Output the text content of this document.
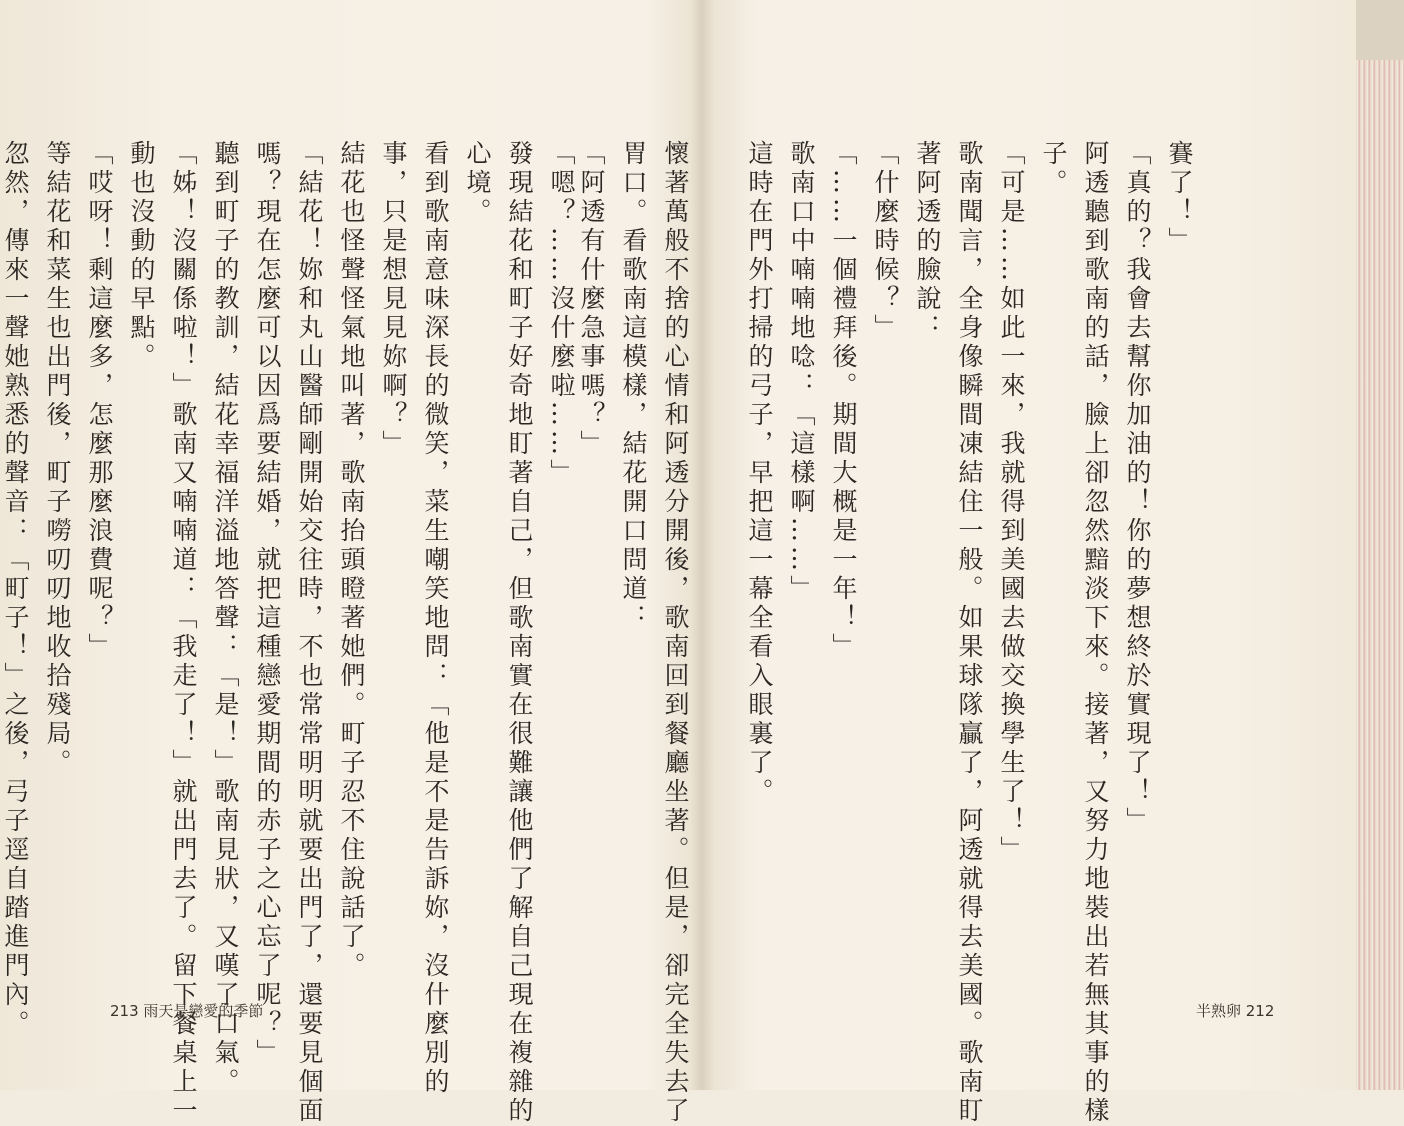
賽了！」
「真的？我會去幫你加油的！你的夢想終於實現了！」
阿透聽到歌南的話，臉上卻忽然黯淡下來。接著，又努力地裝出若無其事的樣
子。
「可是……如此一來，我就得到美國去做交換學生了！」
歌南聞言，全身像瞬間凍結住一般。如果球隊贏了，阿透就得去美國。歌南盯
著阿透的臉說：
「什麼時候？」
「……一個禮拜後。期間大概是一年！」
歌南口中喃喃地唸：「這樣啊……」
這時在門外打掃的弓子，早把這一幕全看入眼裏了。

懷著萬般不捨的心情和阿透分開後，歌南回到餐廳坐著。但是，卻完全失去了
胃口。看歌南這模樣，結花開口問道：
「阿透有什麼急事嗎？」
「嗯？……沒什麼啦……」
發現結花和町子好奇地盯著自己，但歌南實在很難讓他們了解自己現在複雜的
心境。
看到歌南意味深長的微笑，菜生嘲笑地問：「他是不是告訴妳，沒什麼別的
事，只是想見見妳啊？」
結花也怪聲怪氣地叫著，歌南抬頭瞪著她們。町子忍不住說話了。
「結花！妳和丸山醫師剛開始交往時，不也常常明明就要出門了，還要見個面
嗎？現在怎麼可以因爲要結婚，就把這種戀愛期間的赤子之心忘了呢？」
聽到町子的教訓，結花幸福洋溢地答聲：「是！」歌南見狀，又嘆了口氣。
「姊！沒關係啦！」歌南又喃喃道：「我走了！」就出門去了。留下餐桌上一
動也沒動的早點。
「哎呀！剩這麼多，怎麼那麼浪費呢？」
等結花和菜生也出門後，町子嘮叨叨地收拾殘局。
忽然，傳來一聲她熟悉的聲音：「町子！」之後，弓子逕自踏進門內。	213 雨天是戀愛的季節	半熟卵 212
